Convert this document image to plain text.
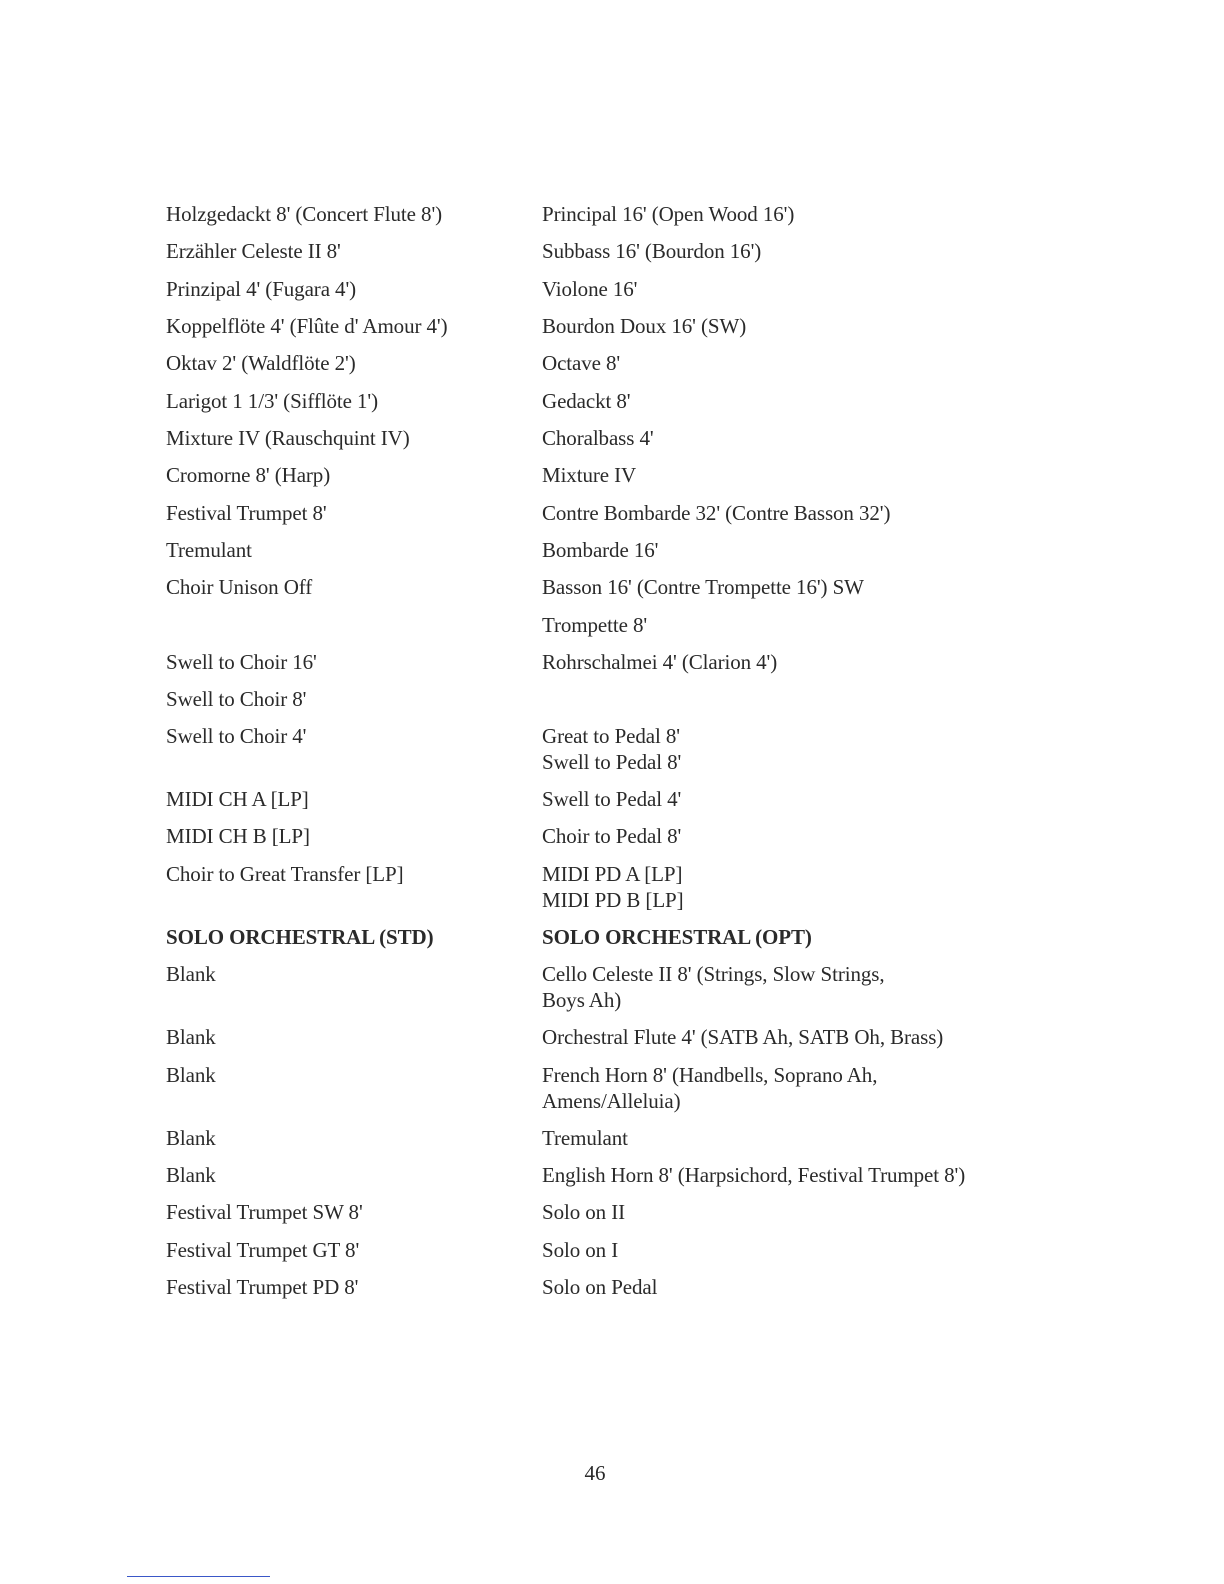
Holzgedackt 8' (Concert Flute 8')
Erzähler Celeste II 8'
Prinzipal 4' (Fugara 4')
Koppelflöte 4' (Flûte d' Amour 4')
Oktav 2' (Waldflöte 2')
Larigot 1 1/3' (Sifflöte 1')
Mixture IV (Rauschquint IV)
Cromorne 8' (Harp)
Festival Trumpet 8'
Tremulant
Choir Unison Off
Swell to Choir 16'
Swell to Choir 8'
Swell to Choir 4'
MIDI CH A [LP]
MIDI CH B [LP]
Choir to Great Transfer [LP]
SOLO ORCHESTRAL (STD)
Blank
Blank
Blank
Blank
Blank
Festival Trumpet SW 8'
Festival Trumpet GT 8'
Festival Trumpet PD 8'
Principal 16' (Open Wood 16')
Subbass 16' (Bourdon 16')
Violone 16'
Bourdon Doux 16' (SW)
Octave 8'
Gedackt 8'
Choralbass 4'
Mixture IV
Contre Bombarde 32' (Contre Basson 32')
Bombarde 16'
Basson 16' (Contre Trompette 16') SW
Trompette 8'
Rohrschalmei 4' (Clarion 4')
Great to Pedal 8'
Swell to Pedal 8'
Swell to Pedal 4'
Choir to Pedal 8'
MIDI PD A [LP]
MIDI PD B [LP]
SOLO ORCHESTRAL (OPT)
Cello Celeste II 8' (Strings, Slow Strings,
Boys Ah)
Orchestral Flute 4' (SATB Ah, SATB Oh, Brass)
French Horn 8' (Handbells, Soprano Ah,
Amens/Alleluia)
Tremulant
English Horn 8' (Harpsichord, Festival Trumpet 8')
Solo on II
Solo on I
Solo on Pedal
46
